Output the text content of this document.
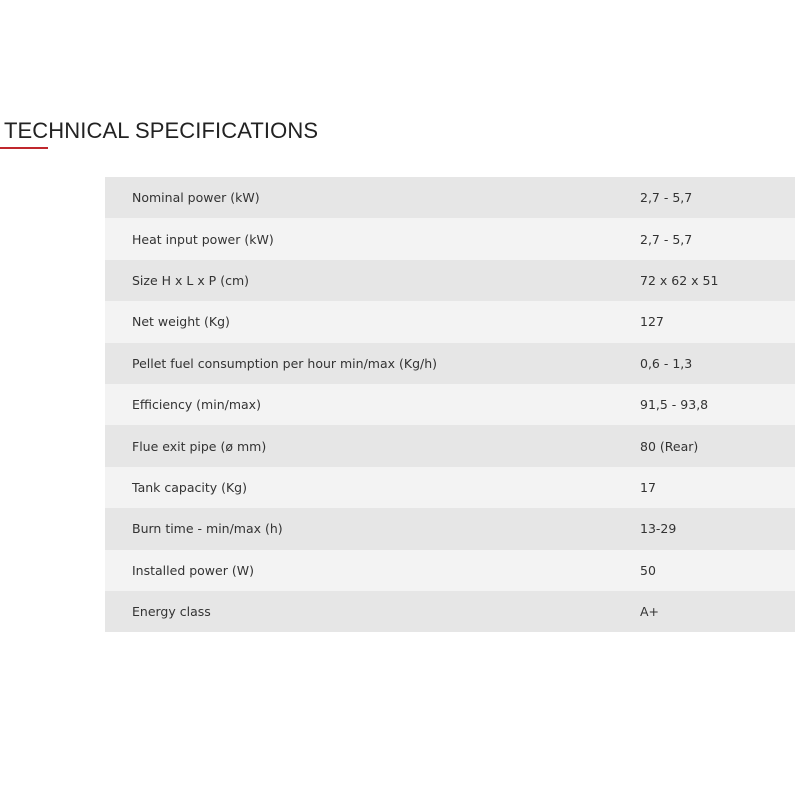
TECHNICAL SPECIFICATIONS
Nominal power (kW)	2,7 - 5,7
Heat input power (kW)	2,7 - 5,7
Size H x L x P (cm)	72 x 62 x 51
Net weight (Kg)	127
Pellet fuel consumption per hour min/max (Kg/h)	0,6 - 1,3
Efficiency (min/max)	91,5 - 93,8
Flue exit pipe (ø mm)	80 (Rear)
Tank capacity (Kg)	17
Burn time - min/max (h)	13-29
Installed power (W)	50
Energy class	A+
